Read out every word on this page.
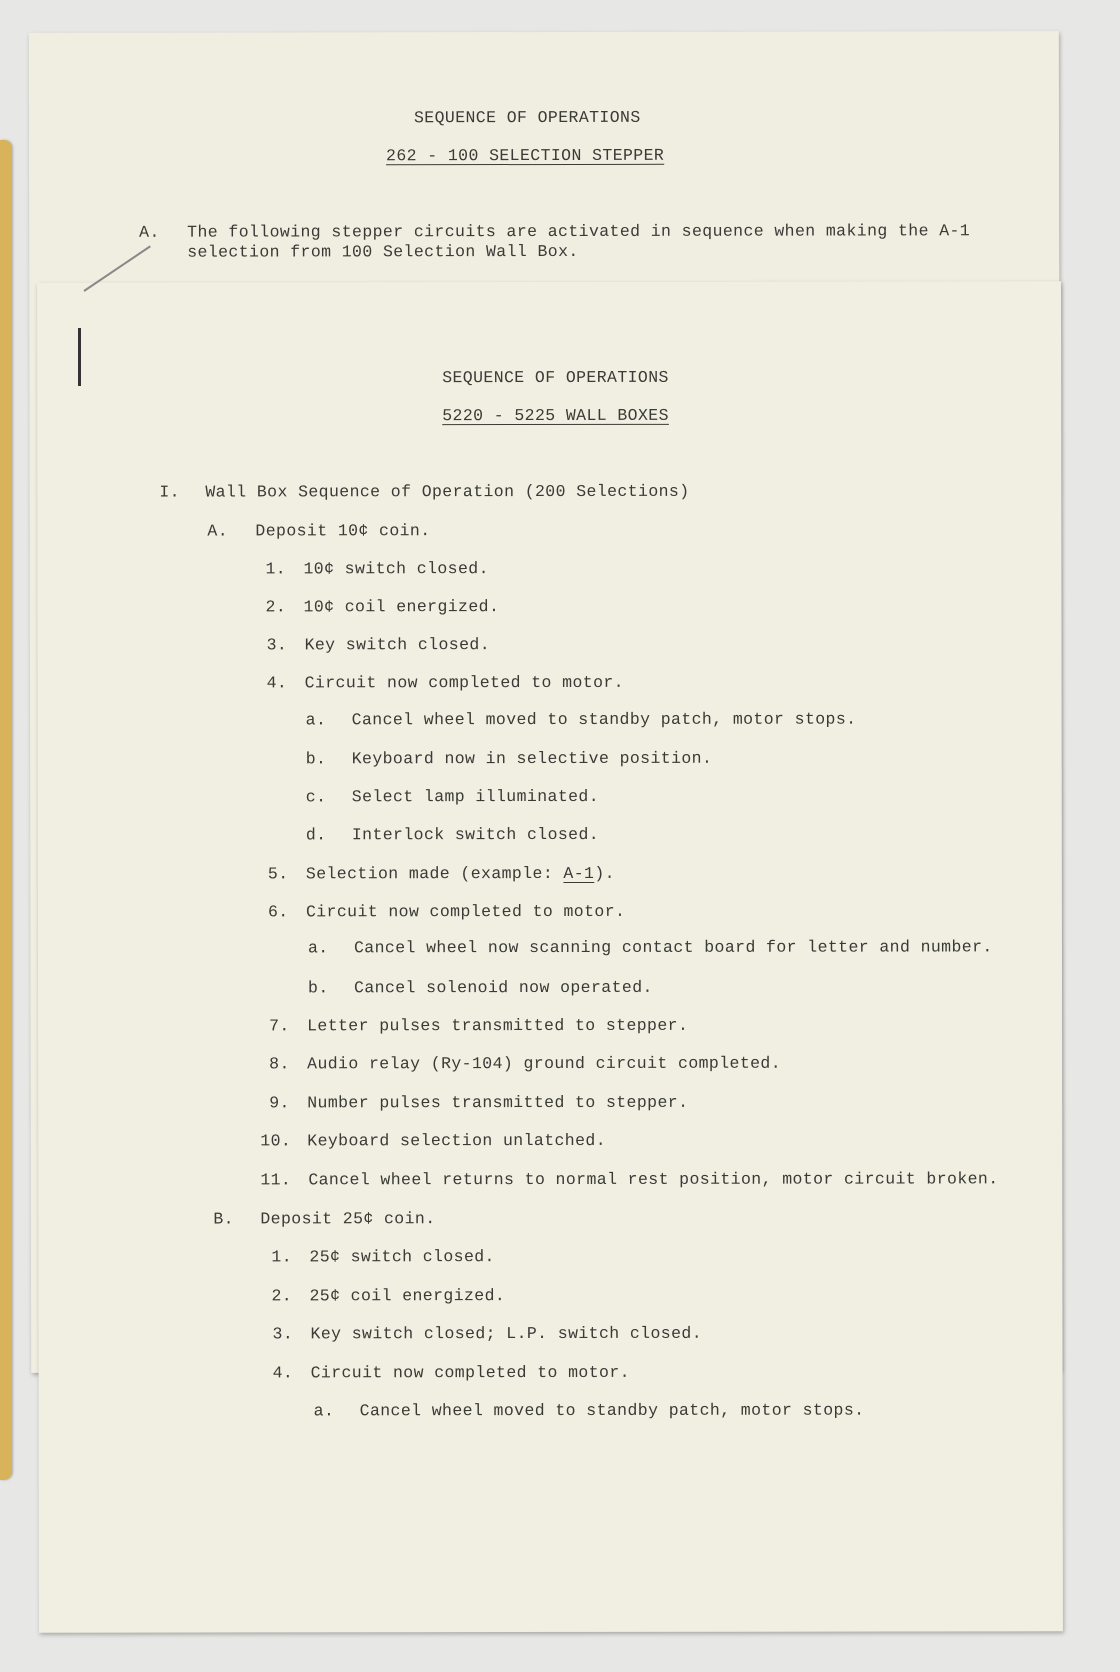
SEQUENCE OF OPERATIONS
262 - 100 SELECTION STEPPER
A. The following stepper circuits are activated in sequence when making the A-1
selection from 100 Selection Wall Box.
SEQUENCE OF OPERATIONS
5220 - 5225 WALL BOXES
I. Wall Box Sequence of Operation (200 Selections)
A. Deposit 10¢ coin.
1. 10¢ switch closed.
2. 10¢ coil energized.
3. Key switch closed.
4. Circuit now completed to motor.
a. Cancel wheel moved to standby patch, motor stops.
b. Keyboard now in selective position.
c. Select lamp illuminated.
d. Interlock switch closed.
5. Selection made (example: A-1).
6. Circuit now completed to motor.
a. Cancel wheel now scanning contact board for letter and number.
b. Cancel solenoid now operated.
7. Letter pulses transmitted to stepper.
8. Audio relay (Ry-104) ground circuit completed.
9. Number pulses transmitted to stepper.
10. Keyboard selection unlatched.
11. Cancel wheel returns to normal rest position, motor circuit broken.
B. Deposit 25¢ coin.
1. 25¢ switch closed.
2. 25¢ coil energized.
3. Key switch closed; L.P. switch closed.
4. Circuit now completed to motor.
a. Cancel wheel moved to standby patch, motor stops.
